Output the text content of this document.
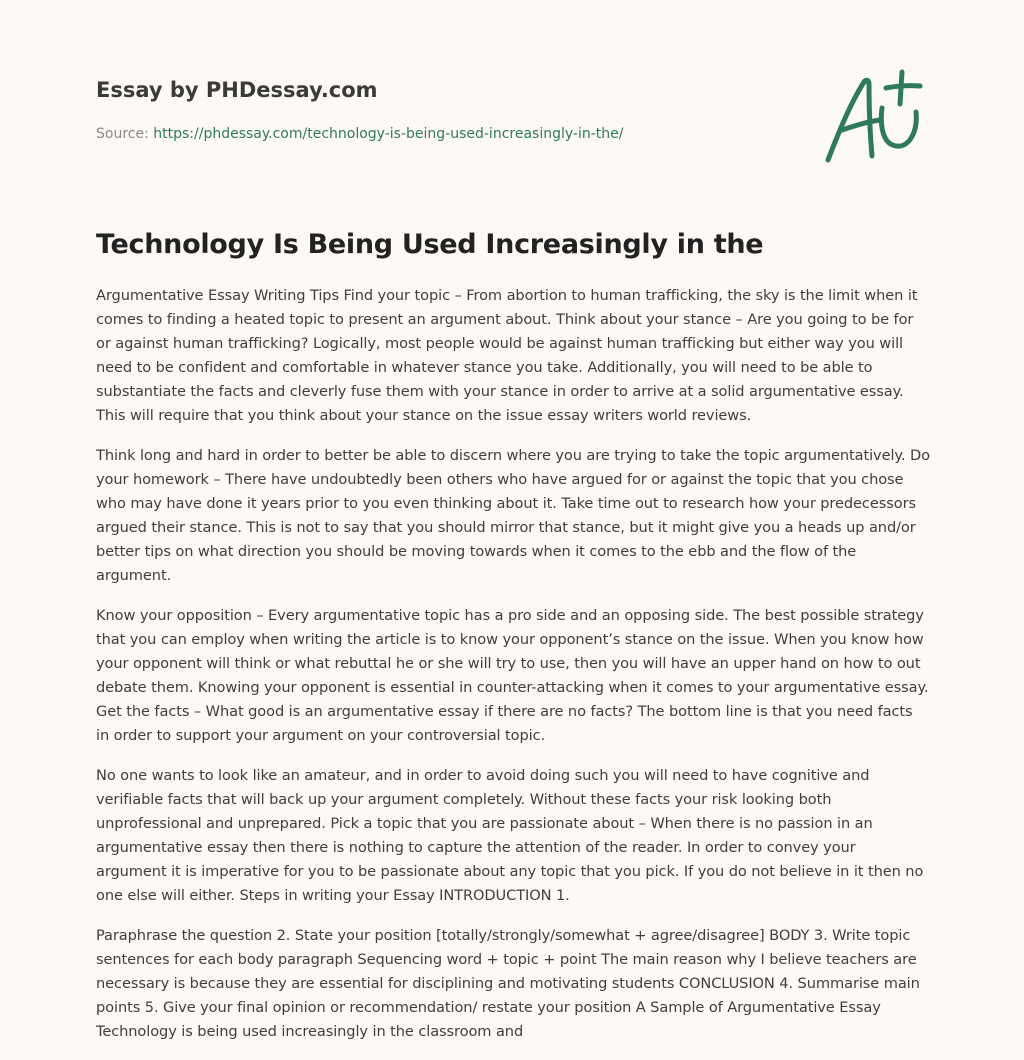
Essay by PHDessay.com
Source: https://phdessay.com/technology-is-being-used-increasingly-in-the/
Technology Is Being Used Increasingly in the

Argumentative Essay Writing Tips Find your topic – From abortion to human trafficking, the sky is the limit when it comes to finding a heated topic to present an argument about. Think about your stance – Are you going to be for or against human trafficking? Logically, most people would be against human trafficking but either way you will need to be confident and comfortable in whatever stance you take. Additionally, you will need to be able to substantiate the facts and cleverly fuse them with your stance in order to arrive at a solid argumentative essay. This will require that you think about your stance on the issue essay writers world reviews.

Think long and hard in order to better be able to discern where you are trying to take the topic argumentatively. Do your homework – There have undoubtedly been others who have argued for or against the topic that you chose who may have done it years prior to you even thinking about it. Take time out to research how your predecessors argued their stance. This is not to say that you should mirror that stance, but it might give you a heads up and/or better tips on what direction you should be moving towards when it comes to the ebb and the flow of the argument.

Know your opposition – Every argumentative topic has a pro side and an opposing side. The best possible strategy that you can employ when writing the article is to know your opponent’s stance on the issue. When you know how your opponent will think or what rebuttal he or she will try to use, then you will have an upper hand on how to out debate them. Knowing your opponent is essential in counter-attacking when it comes to your argumentative essay. Get the facts – What good is an argumentative essay if there are no facts? The bottom line is that you need facts in order to support your argument on your controversial topic.

No one wants to look like an amateur, and in order to avoid doing such you will need to have cognitive and verifiable facts that will back up your argument completely. Without these facts your risk looking both unprofessional and unprepared. Pick a topic that you are passionate about – When there is no passion in an argumentative essay then there is nothing to capture the attention of the reader. In order to convey your argument it is imperative for you to be passionate about any topic that you pick. If you do not believe in it then no one else will either. Steps in writing your Essay INTRODUCTION 1.

Paraphrase the question 2. State your position [totally/strongly/somewhat + agree/disagree] BODY 3. Write topic sentences for each body paragraph Sequencing word + topic + point The main reason why I believe teachers are necessary is because they are essential for disciplining and motivating students CONCLUSION 4. Summarise main points 5. Give your final opinion or recommendation/ restate your position A Sample of Argumentative Essay Technology is being used increasingly in the classroom and
